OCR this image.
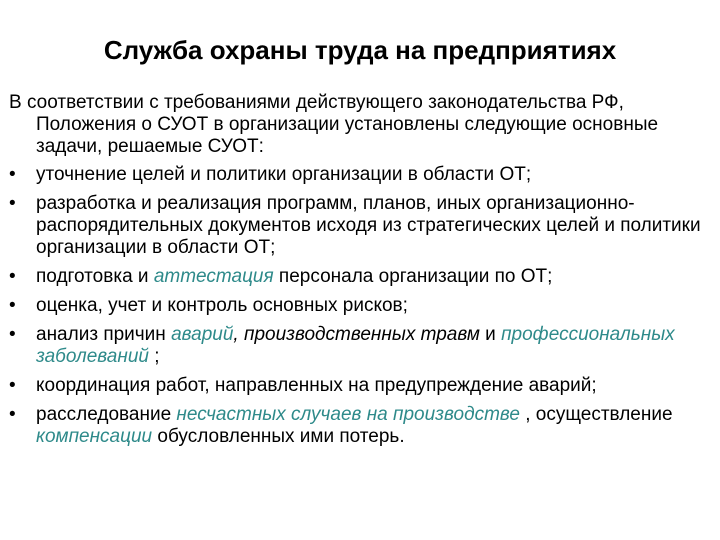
Служба охраны труда на предприятиях

В соответствии с требованиями действующего законодательства РФ, Положения о СУОТ в организации установлены следующие основные задачи, решаемые СУОТ:

•	уточнение целей и политики организации в области ОТ;
•	разработка и реализация программ, планов, иных организационно-распорядительных документов исходя из стратегических целей и политики организации в области ОТ;
•	подготовка и аттестация персонала организации по ОТ;
•	оценка, учет и контроль основных рисков;
•	анализ причин аварий, производственных травм и профессиональных заболеваний ;
•	координация работ, направленных на предупреждение аварий;
•	расследование несчастных случаев на производстве , осуществление компенсации обусловленных ими потерь.
